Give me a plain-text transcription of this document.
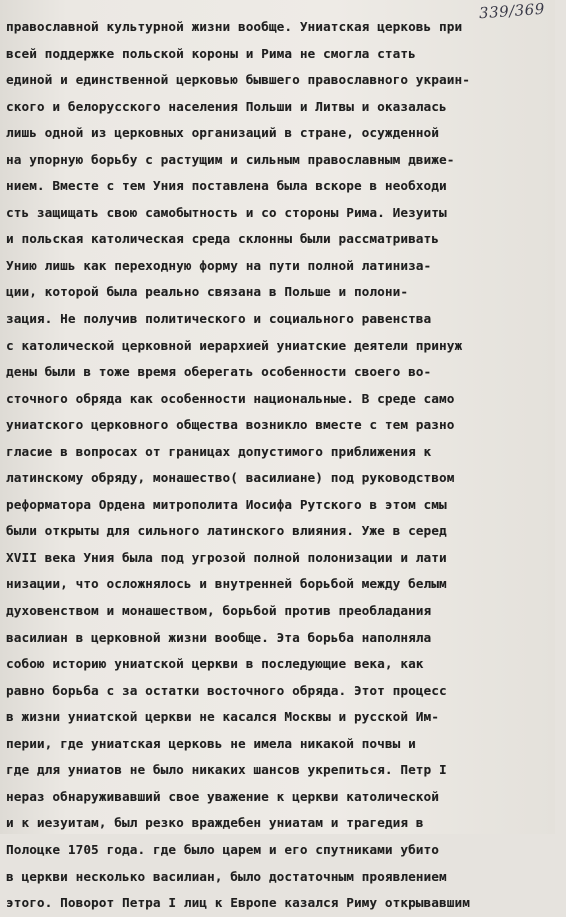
339/369
православной культурной жизни вообще. Униатская церковь при
всей поддержке польской короны и Рима не смогла стать
единой и единственной церковью бывшего православного украин-
ского и белорусского населения Польши и Литвы и оказалась
лишь одной из церковных организаций в стране, осужденной
на упорную борьбу с растущим и сильным православным движе-
нием. Вместе с тем Уния поставлена была вскоре в необходи
сть защищать свою самобытность и со стороны Рима. Иезуиты
и польская католическая среда склонны были рассматривать
Унию лишь как переходную форму на пути полной латиниза-
ции, которой была реально связана в Польше и полони-
зация. Не получив политического и социального равенства
с католической церковной иерархией униатские деятели принуж
дены были в тоже время оберегать особенности своего во-
сточного обряда как особенности национальные. В среде само
униатского церковного общества возникло вместе с тем разно
гласие в вопросах от границах допустимого приближения к
латинскому обряду, монашество( василиане) под руководством
реформатора Ордена митрополита Иосифа Рутского в этом смы
были открыты для сильного латинского влияния. Уже в серед
XVII века Уния была под угрозой полной полонизации и лати
низации, что осложнялось и внутренней борьбой между белым
духовенством и монашеством, борьбой против преобладания
василиан в церковной жизни вообще. Эта борьба наполняла
собою историю униатской церкви в последующие века, как
равно борьба с за остатки восточного обряда. Этот процесс
в жизни униатской церкви не касался Москвы и русской Им-
перии, где униатская церковь не имела никакой почвы и
где для униатов не было никаких шансов укрепиться. Петр I
нераз обнаруживавший свое уважение к церкви католической
и к иезуитам, был резко враждебен униатам и трагедия в
Полоцке 1705 года. где было царем и его спутниками убито
в церкви несколько василиан, было достаточным проявлением
этого. Поворот Петра I лиц к Европе казался Риму открывавшим
